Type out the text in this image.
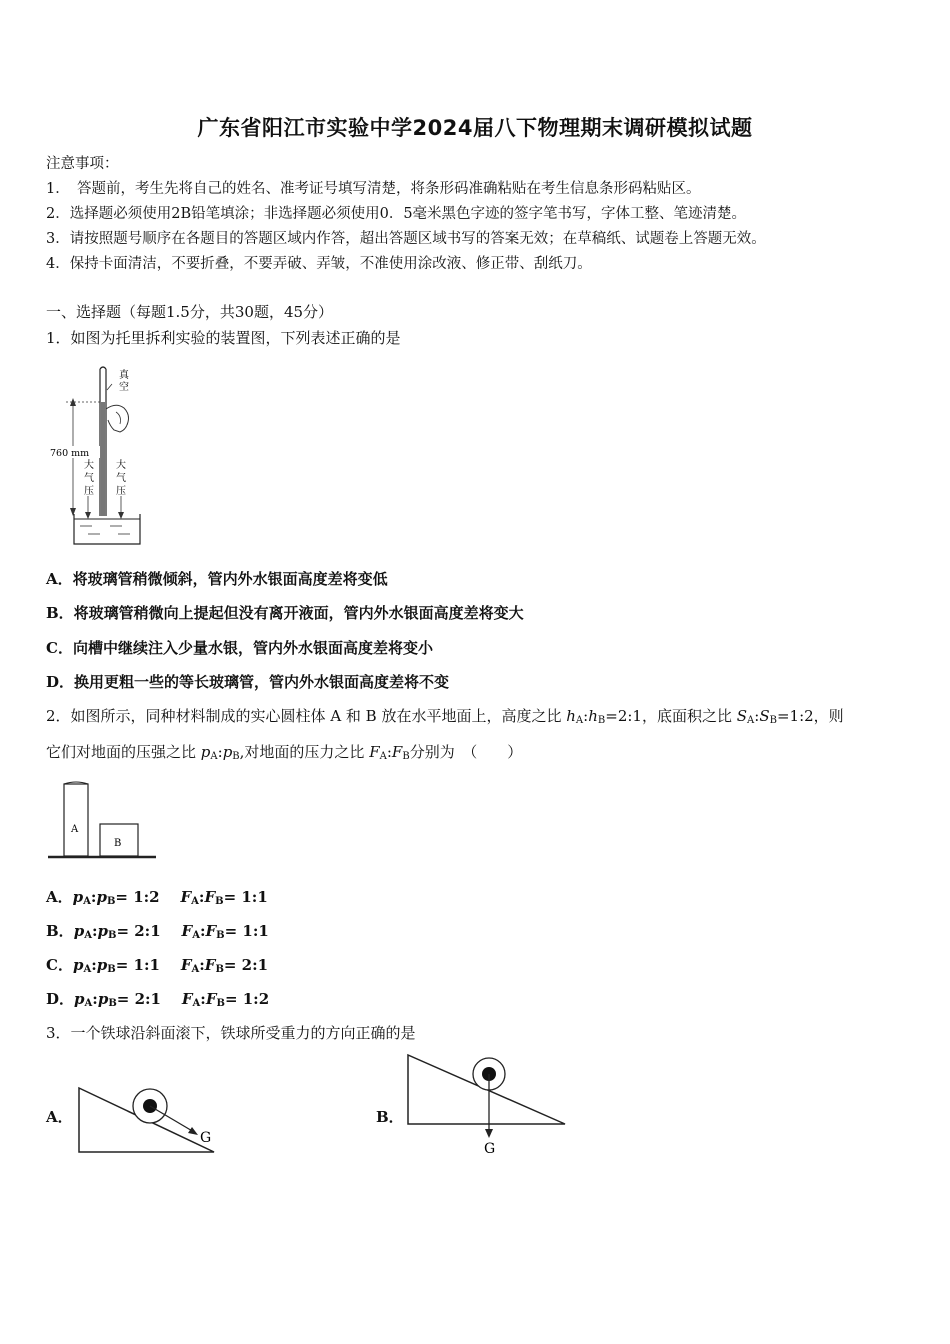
广东省阳江市实验中学2024届八下物理期末调研模拟试题
注意事项：
1．　答题前，考生先将自己的姓名、准考证号填写清楚，将条形码准确粘贴在考生信息条形码粘贴区。
2．选择题必须使用2B铅笔填涂；非选择题必须使用0．5毫米黑色字迹的签字笔书写，字体工整、笔迹清楚。
3．请按照题号顺序在各题目的答题区域内作答，超出答题区域书写的答案无效；在草稿纸、试题卷上答题无效。
4．保持卡面清洁，不要折叠，不要弄破、弄皱，不准使用涂改液、修正带、刮纸刀。
一、选择题（每题1.5分，共30题，45分）
1．如图为托里拆利实验的装置图，下列表述正确的是
真
空
760 mm
大
气
压
大
气
压
A．将玻璃管稍微倾斜，管内外水银面高度差将变低
B．将玻璃管稍微向上提起但没有离开液面，管内外水银面高度差将变大
C．向槽中继续注入少量水银，管内外水银面高度差将变小
D．换用更粗一些的等长玻璃管，管内外水银面高度差将不变
2．如图所示，同种材料制成的实心圆柱体 A 和 B 放在水平地面上，高度之比 $h_A:h_B=2:1$，底面积之比 $S_A:S_B=1:2$，则
它们对地面的压强之比 $p_A:p_B$,对地面的压力之比 $F_A:F_B$分别为　（　　）
A
B
A．$p_A:p_B=$ 1:2 $F_A:F_B=$ 1:1
B．$p_A:p_B=$ 2:1 $F_A:F_B=$ 1:1
C．$p_A:p_B=$ 1:1 $F_A:F_B=$ 2:1
D．$p_A:p_B=$ 2:1 $F_A:F_B=$ 1:2
3．一个铁球沿斜面滚下，铁球所受重力的方向正确的是
A．
G
B．
G
